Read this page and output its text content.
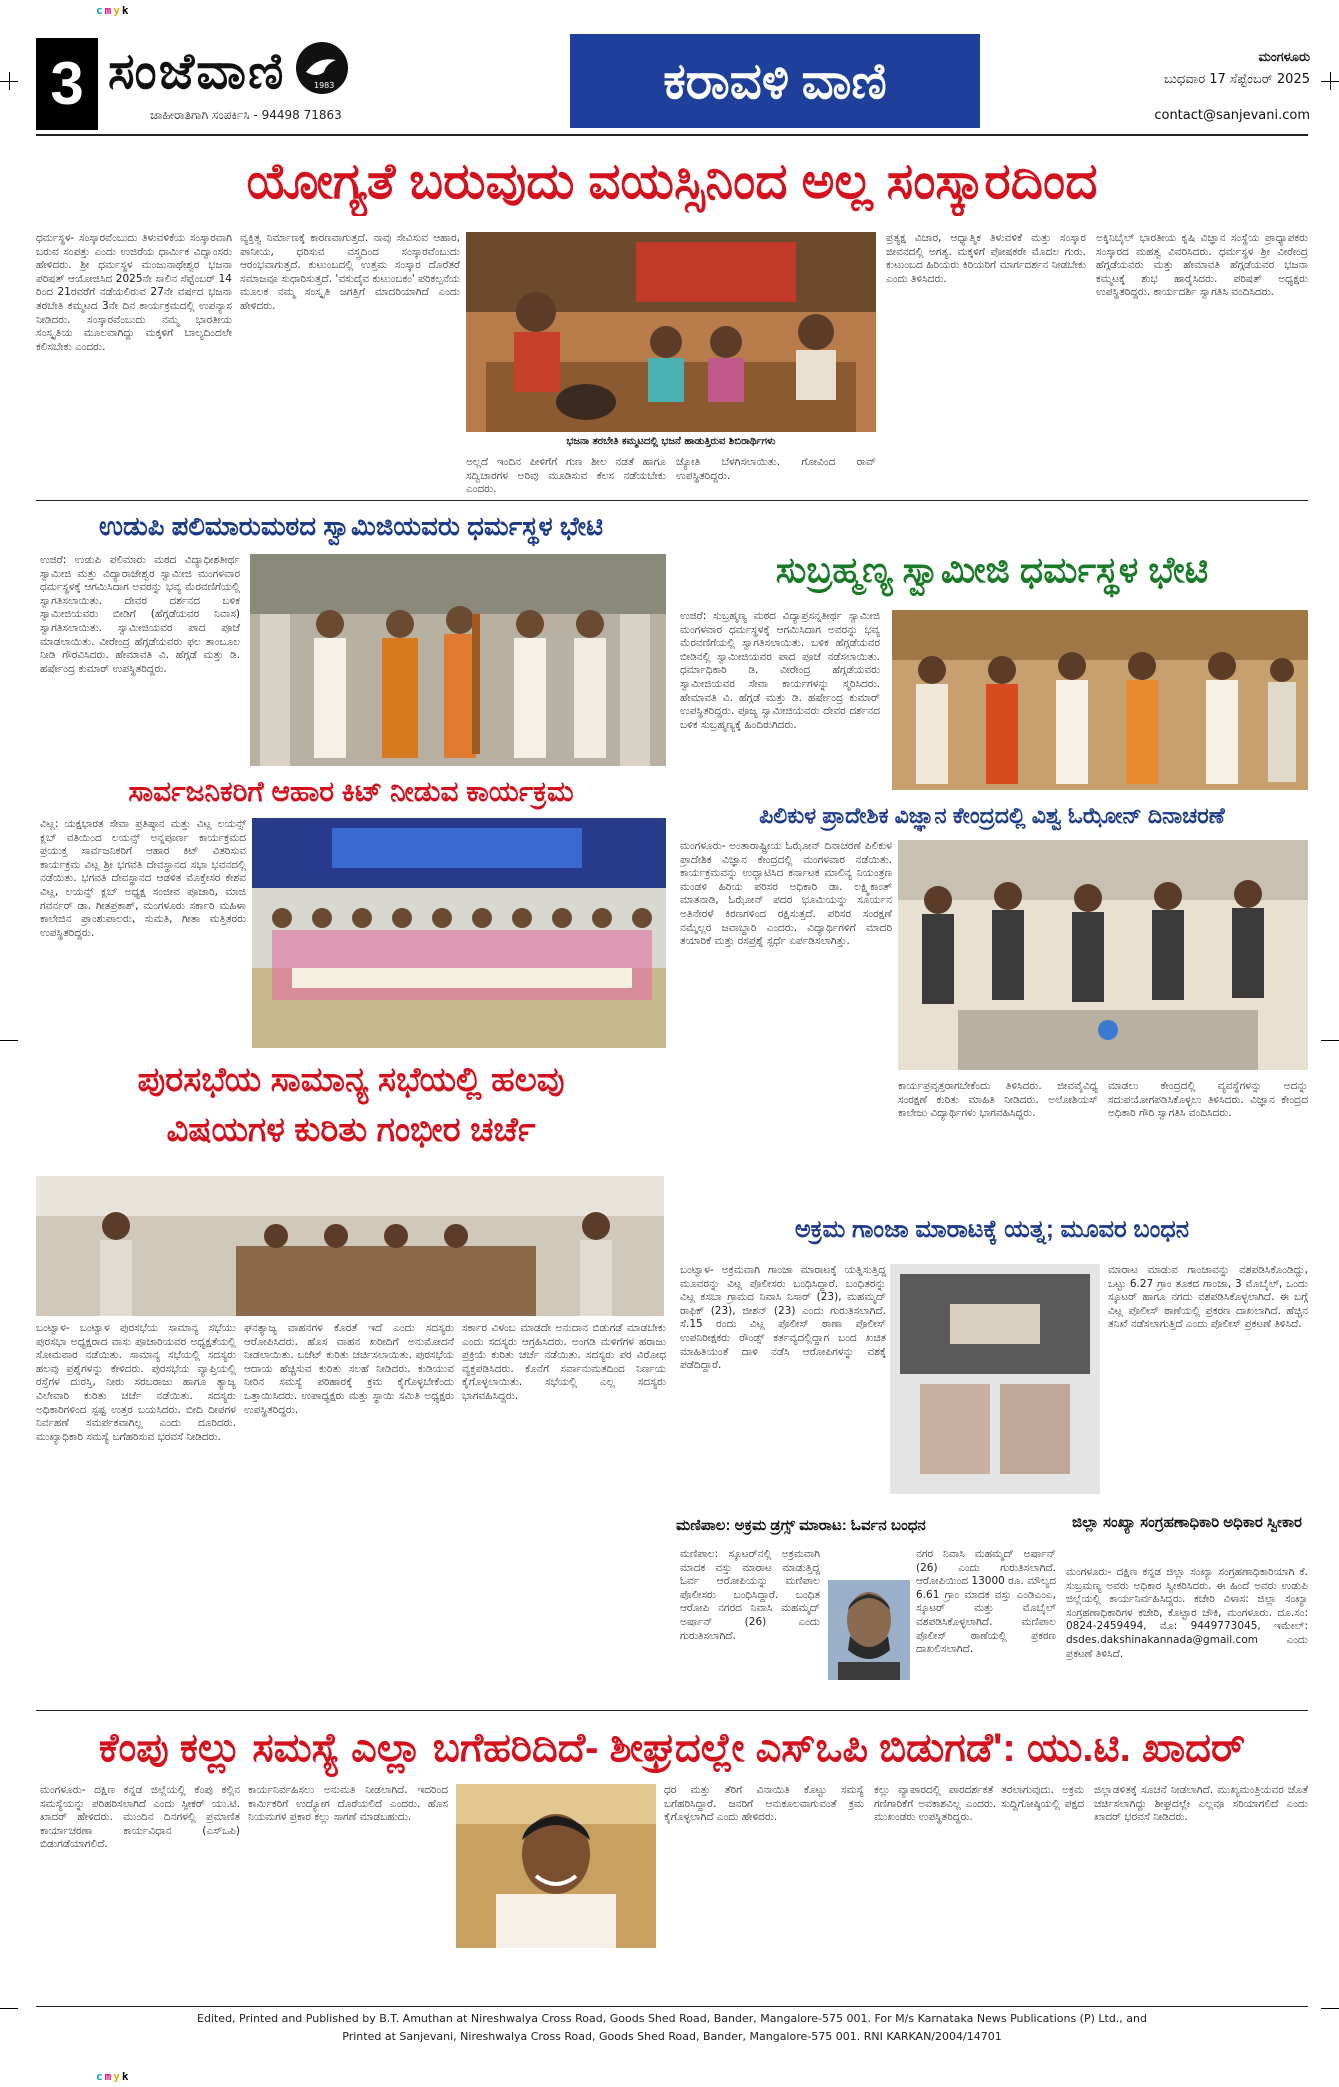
cmyk
cmyk
3 ಸಂಜೆವಾಣಿ	1983
ಜಾಹೀರಾತಿಗಾಗಿ ಸಂಪರ್ಕಿಸಿ - 94498 71863
ಕರಾವಳಿ ವಾಣಿ	ಮಂಗಳೂರು
ಬುಧವಾರ 17 ಸೆಪ್ಟೆಂಬರ್ 2025
contact@sanjevani.com
ಯೋಗ್ಯತೆ ಬರುವುದು ವಯಸ್ಸಿನಿಂದ ಅಲ್ಲ ಸಂಸ್ಕಾರದಿಂದ
ಧರ್ಮಸ್ಥಳ- ಸಂಸ್ಕಾರವೆಂಬುದು ತಿಳುವಳಿಕೆಯ ಸಂಸ್ಕಾರವಾಗಿ ಬರುವ ಸಂಪತ್ತು ಎಂದು ಉಜಿರೆಯ ಧಾರ್ಮಿಕ ವಿದ್ವಾಂಸರು ಹೇಳಿದರು. ಶ್ರೀ ಧರ್ಮಸ್ಥಳ ಮಂಜುನಾಥೇಶ್ವರ ಭಜನಾ ಪರಿಷತ್ ಆಯೋಜಿಸಿದ 2025ನೇ ಸಾಲಿನ ಸೆಪ್ಟೆಂಬರ್ 14 ರಿಂದ 21ರವರೆಗೆ ನಡೆಯಲಿರುವ 27ನೇ ವರ್ಷದ ಭಜನಾ ತರಬೇತಿ ಕಮ್ಮಟದ 3ನೇ ದಿನ ಕಾರ್ಯಕ್ರಮದಲ್ಲಿ ಉಪನ್ಯಾಸ ನೀಡಿದರು. ಸಂಸ್ಕಾರವೆಂಬುದು ನಮ್ಮ ಭಾರತೀಯ ಸಂಸ್ಕೃತಿಯ ಮೂಲವಾಗಿದ್ದು ಮಕ್ಕಳಿಗೆ ಬಾಲ್ಯದಿಂದಲೇ ಕಲಿಸಬೇಕು ಎಂದರು.
ವ್ಯಕ್ತಿತ್ವ ನಿರ್ಮಾಣಕ್ಕೆ ಕಾರಣವಾಗುತ್ತದೆ. ನಾವು ಸೇವಿಸುವ ಆಹಾರ, ಪಾನೀಯ, ಧರಿಸುವ ವಸ್ತ್ರದಿಂದ ಸಂಸ್ಕಾರವೆಂಬುದು ಆರಂಭವಾಗುತ್ತದೆ. ಕುಟುಂಬದಲ್ಲಿ ಉತ್ತಮ ಸಂಸ್ಕಾರ ದೊರೆತರೆ ಸಮಾಜವೂ ಸುಧಾರಿಸುತ್ತದೆ. 'ವಸುದೈವ ಕುಟುಂಬಕಂ' ಪರಿಕಲ್ಪನೆಯ ಮೂಲಕ ನಮ್ಮ ಸಂಸ್ಕೃತಿ ಜಗತ್ತಿಗೆ ಮಾದರಿಯಾಗಿದೆ ಎಂದು ಹೇಳಿದರು.
ಭಜನಾ ತರಬೇತಿ ಕಮ್ಮಟದಲ್ಲಿ ಭಜನೆ ಹಾಡುತ್ತಿರುವ ಶಿಬಿರಾರ್ಥಿಗಳು
ಅಲ್ಲದೆ ಇಂದಿನ ಪೀಳಿಗೆಗೆ ಗುಣ ಶೀಲ ನಡತೆ ಹಾಗೂ ಸದ್ವಿಚಾರಗಳ ಅರಿವು ಮೂಡಿಸುವ ಕೆಲಸ ನಡೆಯಬೇಕು ಎಂದರು.
ಜ್ಯೋತಿ ಬೆಳಗಿಸಲಾಯಿತು. ಗೋವಿಂದ ರಾವ್ ಉಪಸ್ಥಿತರಿದ್ದರು.
ಪ್ರತ್ಯಕ್ಷ ವಿಚಾರ, ಆಧ್ಯಾತ್ಮಿಕ ತಿಳುವಳಿಕೆ ಮತ್ತು ಸಂಸ್ಕಾರ ಜೀವನದಲ್ಲಿ ಅಗತ್ಯ. ಮಕ್ಕಳಿಗೆ ಪೋಷಕರೇ ಮೊದಲ ಗುರು. ಕುಟುಂಬದ ಹಿರಿಯರು ಕಿರಿಯರಿಗೆ ಮಾರ್ಗದರ್ಶನ ನೀಡಬೇಕು ಎಂದು ತಿಳಿಸಿದರು.
ಅಕ್ಕಿನಿಬೈಲ್ ಭಾರತೀಯ ಕೃಷಿ ವಿಜ್ಞಾನ ಸಂಸ್ಥೆಯ ಪ್ರಾಧ್ಯಾಪಕರು ಸಂಸ್ಕಾರದ ಮಹತ್ವ ವಿವರಿಸಿದರು. ಧರ್ಮಸ್ಥಳ ಶ್ರೀ ವೀರೇಂದ್ರ ಹೆಗ್ಗಡೆಯವರು ಮತ್ತು ಹೇಮಾವತಿ ಹೆಗ್ಗಡೆಯವರ ಭಜನಾ ಕಮ್ಮಟಕ್ಕೆ ಶುಭ ಹಾರೈಸಿದರು. ಪರಿಷತ್ ಅಧ್ಯಕ್ಷರು ಉಪಸ್ಥಿತರಿದ್ದರು. ಕಾರ್ಯದರ್ಶಿ ಸ್ವಾಗತಿಸಿ ವಂದಿಸಿದರು.
ಉಡುಪಿ ಪಲಿಮಾರುಮಠದ ಸ್ವಾಮಿಜಿಯವರು ಧರ್ಮಸ್ಥಳ ಭೇಟಿ
ಉಜಿರೆ: ಉಡುಪಿ ಪಲಿಮಾರು ಮಠದ ವಿದ್ಯಾಧೀಶತೀರ್ಥ ಸ್ವಾಮೀಜಿ ಮತ್ತು ವಿದ್ಯಾರಾಜೇಶ್ವರ ಸ್ವಾಮೀಜಿ ಮಂಗಳವಾರ ಧರ್ಮಸ್ಥಳಕ್ಕೆ ಆಗಮಿಸಿದಾಗ ಅವರನ್ನು ಭವ್ಯ ಮೆರವಣಿಗೆಯಲ್ಲಿ ಸ್ವಾಗತಿಸಲಾಯಿತು. ದೇವರ ದರ್ಶನದ ಬಳಿಕ ಸ್ವಾಮೀಜಿಯವರು ಬೀಡಿಗೆ (ಹೆಗ್ಗಡೆಯವರ ನಿವಾಸ) ಸ್ವಾಗತಿಸಲಾಯಿತು. ಸ್ವಾಮೀಜಿಯವರ ಪಾದ ಪೂಜೆ ಮಾಡಲಾಯಿತು. ವೀರೇಂದ್ರ ಹೆಗ್ಗಡೆಯವರು ಫಲ ತಾಂಬೂಲ ನೀಡಿ ಗೌರವಿಸಿದರು. ಹೇಮಾವತಿ ವಿ. ಹೆಗ್ಗಡೆ ಮತ್ತು ಡಿ. ಹರ್ಷೇಂದ್ರ ಕುಮಾರ್ ಉಪಸ್ಥಿತರಿದ್ದರು.
ಸುಬ್ರಹ್ಮಣ್ಯ ಸ್ವಾಮೀಜಿ ಧರ್ಮಸ್ಥಳ ಭೇಟಿ
ಉಜಿರೆ: ಸುಬ್ರಹ್ಮಣ್ಯ ಮಠದ ವಿದ್ಯಾಪ್ರಸನ್ನತೀರ್ಥ ಸ್ವಾಮೀಜಿ ಮಂಗಳವಾರ ಧರ್ಮಸ್ಥಳಕ್ಕೆ ಆಗಮಿಸಿದಾಗ ಅವರನ್ನು ಭವ್ಯ ಮೆರವಣಿಗೆಯಲ್ಲಿ ಸ್ವಾಗತಿಸಲಾಯಿತು. ಬಳಿಕ ಹೆಗ್ಗಡೆಯವರ ಬೀಡಿನಲ್ಲಿ ಸ್ವಾಮೀಜಿಯವರ ಪಾದ ಪೂಜೆ ನಡೆಸಲಾಯಿತು. ಧರ್ಮಾಧಿಕಾರಿ ಡಿ. ವೀರೇಂದ್ರ ಹೆಗ್ಗಡೆಯವರು ಸ್ವಾಮೀಜಿಯವರ ಸೇವಾ ಕಾರ್ಯಗಳನ್ನು ಸ್ಮರಿಸಿದರು. ಹೇಮಾವತಿ ವಿ. ಹೆಗ್ಗಡೆ ಮತ್ತು ಡಿ. ಹರ್ಷೇಂದ್ರ ಕುಮಾರ್ ಉಪಸ್ಥಿತರಿದ್ದರು. ಪೂಜ್ಯ ಸ್ವಾಮೀಜಿಯವರು ದೇವರ ದರ್ಶನದ ಬಳಿಕ ಸುಬ್ರಹ್ಮಣ್ಯಕ್ಕೆ ಹಿಂದಿರುಗಿದರು.
ಸಾರ್ವಜನಿಕರಿಗೆ ಆಹಾರ ಕಿಟ್ ನೀಡುವ ಕಾರ್ಯಕ್ರಮ
ವಿಟ್ಲ: ಯಕ್ಷಭಾರತ ಸೇವಾ ಪ್ರತಿಷ್ಠಾನ ಮತ್ತು ವಿಟ್ಲ ಲಯನ್ಸ್ ಕ್ಲಬ್ ವತಿಯಿಂದ ಲಯನ್ಸ್ ಅನ್ನಪೂರ್ಣ ಕಾರ್ಯಕ್ರಮದ ಪ್ರಯುಕ್ತ ಸಾರ್ವಜನಿಕರಿಗೆ ಆಹಾರ ಕಿಟ್ ವಿತರಿಸುವ ಕಾರ್ಯಕ್ರಮ ವಿಟ್ಲ ಶ್ರೀ ಭಗವತಿ ದೇವಸ್ಥಾನದ ಸಭಾ ಭವನದಲ್ಲಿ ನಡೆಯಿತು. ಭಗವತಿ ದೇವಸ್ಥಾನದ ಆಡಳಿತ ಮೊಕ್ತೇಸರ ಕೇಶವ ವಿಟ್ಲ, ಲಯನ್ಸ್ ಕ್ಲಬ್ ಅಧ್ಯಕ್ಷ ಸಂಜೀವ ಪೂಜಾರಿ, ಮಾಜಿ ಗವರ್ನರ್ ಡಾ. ಗೀತಪ್ರಕಾಶ್, ಮಂಗಳೂರು ಸರ್ಕಾರಿ ಮಹಿಳಾ ಕಾಲೇಜಿನ ಪ್ರಾಂಶುಪಾಲರು, ಸುಮತಿ, ಗೀತಾ ಮತ್ತಿತರರು ಉಪಸ್ಥಿತರಿದ್ದರು.
ಪಿಲಿಕುಳ ಪ್ರಾದೇಶಿಕ ವಿಜ್ಞಾನ ಕೇಂದ್ರದಲ್ಲಿ ವಿಶ್ವ ಓಝೋನ್ ದಿನಾಚರಣೆ
ಮಂಗಳೂರು- ಅಂತಾರಾಷ್ಟ್ರೀಯ ಓಝೋನ್ ದಿನಾಚರಣೆ ಪಿಲಿಕುಳ ಪ್ರಾದೇಶಿಕ ವಿಜ್ಞಾನ ಕೇಂದ್ರದಲ್ಲಿ ಮಂಗಳವಾರ ನಡೆಯಿತು. ಕಾರ್ಯಕ್ರಮವನ್ನು ಉದ್ಘಾಟಿಸಿದ ಕರ್ನಾಟಕ ಮಾಲಿನ್ಯ ನಿಯಂತ್ರಣ ಮಂಡಳಿ ಹಿರಿಯ ಪರಿಸರ ಅಧಿಕಾರಿ ಡಾ. ಲಕ್ಷ್ಮಿಕಾಂತ್ ಮಾತನಾಡಿ, ಓಝೋನ್ ಪದರ ಭೂಮಿಯನ್ನು ಸೂರ್ಯನ ಅತಿನೇರಳೆ ಕಿರಣಗಳಿಂದ ರಕ್ಷಿಸುತ್ತದೆ. ಪರಿಸರ ಸಂರಕ್ಷಣೆ ನಮ್ಮೆಲ್ಲರ ಜವಾಬ್ದಾರಿ ಎಂದರು. ವಿದ್ಯಾರ್ಥಿಗಳಿಗೆ ಮಾದರಿ ತಯಾರಿಕೆ ಮತ್ತು ರಸಪ್ರಶ್ನೆ ಸ್ಪರ್ಧೆ ಏರ್ಪಡಿಸಲಾಗಿತ್ತು.
ಕಾರ್ಯಪ್ರವೃತ್ತರಾಗಬೇಕೆಂದು ತಿಳಿಸಿದರು. ಜೀವವೈವಿಧ್ಯ ಸಂರಕ್ಷಣೆ ಕುರಿತು ಮಾಹಿತಿ ನೀಡಿದರು. ಅಲೋಶಿಯಸ್ ಕಾಲೇಜು ವಿದ್ಯಾರ್ಥಿಗಳು ಭಾಗವಹಿಸಿದ್ದರು.
ಮಾಡಲು ಕೇಂದ್ರದಲ್ಲಿ ವ್ಯವಸ್ಥೆಗಳನ್ನು ಅದನ್ನು ಸದುಪಯೋಗಪಡಿಸಿಕೊಳ್ಳಲು ತಿಳಿಸಿದರು. ವಿಜ್ಞಾನ ಕೇಂದ್ರದ ಅಧಿಕಾರಿ ಗೌರಿ ಸ್ವಾಗತಿಸಿ ವಂದಿಸಿದರು.
ಪುರಸಭೆಯ ಸಾಮಾನ್ಯ ಸಭೆಯಲ್ಲಿ ಹಲವು
ವಿಷಯಗಳ ಕುರಿತು ಗಂಭೀರ ಚರ್ಚೆ
ಬಂಟ್ವಾಳ- ಬಂಟ್ವಾಳ ಪುರಸಭೆಯ ಸಾಮಾನ್ಯ ಸಭೆಯು ಪುರಸಭಾ ಅಧ್ಯಕ್ಷರಾದ ವಾಸು ಪೂಜಾರಿಯವರ ಅಧ್ಯಕ್ಷತೆಯಲ್ಲಿ ಸೋಮವಾರ ನಡೆಯಿತು. ಸಾಮಾನ್ಯ ಸಭೆಯಲ್ಲಿ ಸದಸ್ಯರು ಹಲವು ಪ್ರಶ್ನೆಗಳನ್ನು ಕೇಳಿದರು. ಪುರಸಭೆಯ ವ್ಯಾಪ್ತಿಯಲ್ಲಿ ರಸ್ತೆಗಳ ದುರಸ್ತಿ, ನೀರು ಸರಬರಾಜು ಹಾಗೂ ತ್ಯಾಜ್ಯ ವಿಲೇವಾರಿ ಕುರಿತು ಚರ್ಚೆ ನಡೆಯಿತು. ಸದಸ್ಯರು ಅಧಿಕಾರಿಗಳಿಂದ ಸ್ಪಷ್ಟ ಉತ್ತರ ಬಯಸಿದರು. ಬೀದಿ ದೀಪಗಳ ನಿರ್ವಹಣೆ ಸಮರ್ಪಕವಾಗಿಲ್ಲ ಎಂದು ದೂರಿದರು. ಮುಖ್ಯಾಧಿಕಾರಿ ಸಮಸ್ಯೆ ಬಗೆಹರಿಸುವ ಭರವಸೆ ನೀಡಿದರು.
ಘನತ್ಯಾಜ್ಯ ವಾಹನಗಳ ಕೊರತೆ ಇದೆ ಎಂದು ಸದಸ್ಯರು ಆರೋಪಿಸಿದರು. ಹೊಸ ವಾಹನ ಖರೀದಿಗೆ ಅನುಮೋದನೆ ನೀಡಲಾಯಿತು. ಬಜೆಟ್ ಕುರಿತು ಚರ್ಚಿಸಲಾಯಿತು. ಪುರಸಭೆಯ ಆದಾಯ ಹೆಚ್ಚಿಸುವ ಕುರಿತು ಸಲಹೆ ನೀಡಿದರು. ಕುಡಿಯುವ ನೀರಿನ ಸಮಸ್ಯೆ ಪರಿಹಾರಕ್ಕೆ ಕ್ರಮ ಕೈಗೊಳ್ಳಬೇಕೆಂದು ಒತ್ತಾಯಿಸಿದರು. ಉಪಾಧ್ಯಕ್ಷರು ಮತ್ತು ಸ್ಥಾಯಿ ಸಮಿತಿ ಅಧ್ಯಕ್ಷರು ಉಪಸ್ಥಿತರಿದ್ದರು.
ಸರ್ಕಾರ ವಿಳಂಬ ಮಾಡದೇ ಅನುದಾನ ಬಿಡುಗಡೆ ಮಾಡಬೇಕು ಎಂದು ಸದಸ್ಯರು ಆಗ್ರಹಿಸಿದರು. ಅಂಗಡಿ ಮಳಿಗೆಗಳ ಹರಾಜು ಪ್ರಕ್ರಿಯೆ ಕುರಿತು ಚರ್ಚೆ ನಡೆಯಿತು. ಸದಸ್ಯರು ಪರ ವಿರೋಧ ವ್ಯಕ್ತಪಡಿಸಿದರು. ಕೊನೆಗೆ ಸರ್ವಾನುಮತದಿಂದ ನಿರ್ಣಯ ಕೈಗೊಳ್ಳಲಾಯಿತು. ಸಭೆಯಲ್ಲಿ ಎಲ್ಲ ಸದಸ್ಯರು ಭಾಗವಹಿಸಿದ್ದರು.
ಅಕ್ರಮ ಗಾಂಜಾ ಮಾರಾಟಕ್ಕೆ ಯತ್ನ; ಮೂವರ ಬಂಧನ
ಬಂಟ್ವಾಳ- ಅಕ್ರಮವಾಗಿ ಗಾಂಜಾ ಮಾರಾಟಕ್ಕೆ ಯತ್ನಿಸುತ್ತಿದ್ದ ಮೂವರನ್ನು ವಿಟ್ಲ ಪೊಲೀಸರು ಬಂಧಿಸಿದ್ದಾರೆ. ಬಂಧಿತರನ್ನು ವಿಟ್ಲ ಕಸಬಾ ಗ್ರಾಮದ ನಿವಾಸಿ ನಿಸಾರ್ (23), ಮಹಮ್ಮದ್ ರಾಫಿಕ್ (23), ಜೀಶನ್ (23) ಎಂದು ಗುರುತಿಸಲಾಗಿದೆ. ಸೆ.15 ರಂದು ವಿಟ್ಲ ಪೊಲೀಸ್ ಠಾಣಾ ಪೊಲೀಸ್ ಉಪನಿರೀಕ್ಷಕರು ರೌಂಡ್ಸ್ ಕರ್ತವ್ಯದಲ್ಲಿದ್ದಾಗ ಬಂದ ಖಚಿತ ಮಾಹಿತಿಯಂತೆ ದಾಳಿ ನಡೆಸಿ ಆರೋಪಿಗಳನ್ನು ವಶಕ್ಕೆ ಪಡೆದಿದ್ದಾರೆ.
ಮಾರಾಟ ಮಾಡುವ ಗಾಂಜಾವನ್ನು ವಶಪಡಿಸಿಕೊಂಡಿದ್ದು, ಒಟ್ಟು 6.27 ಗ್ರಾಂ ತೂಕದ ಗಾಂಜಾ, 3 ಮೊಬೈಲ್, ಒಂದು ಸ್ಕೂಟರ್ ಹಾಗೂ ನಗದು ವಶಪಡಿಸಿಕೊಳ್ಳಲಾಗಿದೆ. ಈ ಬಗ್ಗೆ ವಿಟ್ಲ ಪೊಲೀಸ್ ಠಾಣೆಯಲ್ಲಿ ಪ್ರಕರಣ ದಾಖಲಾಗಿದೆ. ಹೆಚ್ಚಿನ ತನಿಖೆ ನಡೆಸಲಾಗುತ್ತಿದೆ ಎಂದು ಪೊಲೀಸ್ ಪ್ರಕಟಣೆ ತಿಳಿಸಿದೆ.
ಮಣಿಪಾಲ: ಅಕ್ರಮ ಡ್ರಗ್ಸ್ ಮಾರಾಟ: ಓರ್ವನ ಬಂಧನ
ಮಣಿಪಾಲ: ಸ್ಕೂಟರ್‌ನಲ್ಲಿ ಅಕ್ರಮವಾಗಿ ಮಾದಕ ವಸ್ತು ಮಾರಾಟ ಮಾಡುತ್ತಿದ್ದ ಓರ್ವ ಆರೋಪಿಯನ್ನು ಮಣಿಪಾಲ ಪೊಲೀಸರು ಬಂಧಿಸಿದ್ದಾರೆ. ಬಂಧಿತ ಆರೋಪಿ ನಗರದ ನಿವಾಸಿ ಮಹಮ್ಮದ್ ಅರ್ಷಾನ್ (26) ಎಂದು ಗುರುತಿಸಲಾಗಿದೆ.
ನಗರ ನಿವಾಸಿ ಮಹಮ್ಮದ್ ಅರ್ಷಾನ್ (26) ಎಂದು ಗುರುತಿಸಲಾಗಿದೆ. ಆರೋಪಿಯಿಂದ 13000 ರೂ. ಮೌಲ್ಯದ 6.61 ಗ್ರಾಂ ಮಾದಕ ವಸ್ತು ಎಂಡಿಎಂಎ, ಸ್ಕೂಟರ್ ಮತ್ತು ಮೊಬೈಲ್ ವಶಪಡಿಸಿಕೊಳ್ಳಲಾಗಿದೆ. ಮಣಿಪಾಲ ಪೊಲೀಸ್ ಠಾಣೆಯಲ್ಲಿ ಪ್ರಕರಣ ದಾಖಲಿಸಲಾಗಿದೆ.
ಜಿಲ್ಲಾ ಸಂಖ್ಯಾ ಸಂಗ್ರಹಣಾಧಿಕಾರಿ ಅಧಿಕಾರ ಸ್ವೀಕಾರ
ಮಂಗಳೂರು- ದಕ್ಷಿಣ ಕನ್ನಡ ಜಿಲ್ಲಾ ಸಂಖ್ಯಾ ಸಂಗ್ರಹಣಾಧಿಕಾರಿಯಾಗಿ ಕೆ. ಸುಬ್ರಮಣ್ಯ ಅವರು ಅಧಿಕಾರ ಸ್ವೀಕರಿಸಿದರು. ಈ ಹಿಂದೆ ಅವರು ಉಡುಪಿ ಜಿಲ್ಲೆಯಲ್ಲಿ ಕಾರ್ಯನಿರ್ವಹಿಸಿದ್ದರು. ಕಚೇರಿ ವಿಳಾಸ: ಜಿಲ್ಲಾ ಸಂಖ್ಯಾ ಸಂಗ್ರಹಣಾಧಿಕಾರಿಗಳ ಕಚೇರಿ, ಕೊಟ್ಟಾರ ಚೌಕಿ, ಮಂಗಳೂರು. ದೂ.ಸಂ: 0824-2459494, ಮೊ: 9449773045, ಇಮೇಲ್: dsdes.dakshinakannada@gmail.com ಎಂದು ಪ್ರಕಟಣೆ ತಿಳಿಸಿದೆ.
ಕೆಂಪು ಕಲ್ಲು ಸಮಸ್ಯೆ ಎಲ್ಲಾ ಬಗೆಹರಿದಿದೆ- ಶೀಘ್ರದಲ್ಲೇ ಎಸ್‌ಒಪಿ ಬಿಡುಗಡೆ': ಯು.ಟಿ. ಖಾದರ್
ಮಂಗಳೂರು- ದಕ್ಷಿಣ ಕನ್ನಡ ಜಿಲ್ಲೆಯಲ್ಲಿ ಕೆಂಪು ಕಲ್ಲಿನ ಸಮಸ್ಯೆಯನ್ನು ಪರಿಹರಿಸಲಾಗಿದೆ ಎಂದು ಸ್ಪೀಕರ್ ಯು.ಟಿ. ಖಾದರ್ ಹೇಳಿದರು. ಮುಂದಿನ ದಿನಗಳಲ್ಲಿ ಪ್ರಮಾಣಿತ ಕಾರ್ಯಾಚರಣಾ ಕಾರ್ಯವಿಧಾನ (ಎಸ್‌ಒಪಿ) ಬಿಡುಗಡೆಯಾಗಲಿದೆ.
ಕಾರ್ಯನಿರ್ವಹಿಸಲು ಅನುಮತಿ ನೀಡಲಾಗಿದೆ. ಇದರಿಂದ ಕಾರ್ಮಿಕರಿಗೆ ಉದ್ಯೋಗ ದೊರೆಯಲಿದೆ ಎಂದರು. ಹೊಸ ನಿಯಮಗಳ ಪ್ರಕಾರ ಕಲ್ಲು ಸಾಗಣೆ ಮಾಡಬಹುದು.
ಧರ ಮತ್ತು ತೆರಿಗೆ ವಿನಾಯಿತಿ ಕೊಟ್ಟು ಸಮಸ್ಯೆ ಬಗೆಹರಿಸಿದ್ದಾರೆ. ಜನರಿಗೆ ಅನುಕೂಲವಾಗುವಂತೆ ಕ್ರಮ ಕೈಗೊಳ್ಳಲಾಗಿದೆ ಎಂದು ಹೇಳಿದರು.
ಕಲ್ಲು ವ್ಯಾಪಾರದಲ್ಲಿ ಪಾರದರ್ಶಕತೆ ತರಲಾಗುವುದು. ಅಕ್ರಮ ಗಣಿಗಾರಿಕೆಗೆ ಅವಕಾಶವಿಲ್ಲ ಎಂದರು. ಸುದ್ದಿಗೋಷ್ಠಿಯಲ್ಲಿ ಪಕ್ಷದ ಮುಖಂಡರು ಉಪಸ್ಥಿತರಿದ್ದರು.
ಜಿಲ್ಲಾಡಳಿತಕ್ಕೆ ಸೂಚನೆ ನೀಡಲಾಗಿದೆ. ಮುಖ್ಯಮಂತ್ರಿಯವರ ಜೊತೆ ಚರ್ಚಿಸಲಾಗಿದ್ದು ಶೀಘ್ರದಲ್ಲೇ ಎಲ್ಲವೂ ಸರಿಯಾಗಲಿದೆ ಎಂದು ಖಾದರ್ ಭರವಸೆ ನೀಡಿದರು.
Edited, Printed and Published by B.T. Amuthan at Nireshwalya Cross Road, Goods Shed Road, Bander, Mangalore-575 001. For M/s Karnataka News Publications (P) Ltd., and
Printed at Sanjevani, Nireshwalya Cross Road, Goods Shed Road, Bander, Mangalore-575 001. RNI KARKAN/2004/14701
